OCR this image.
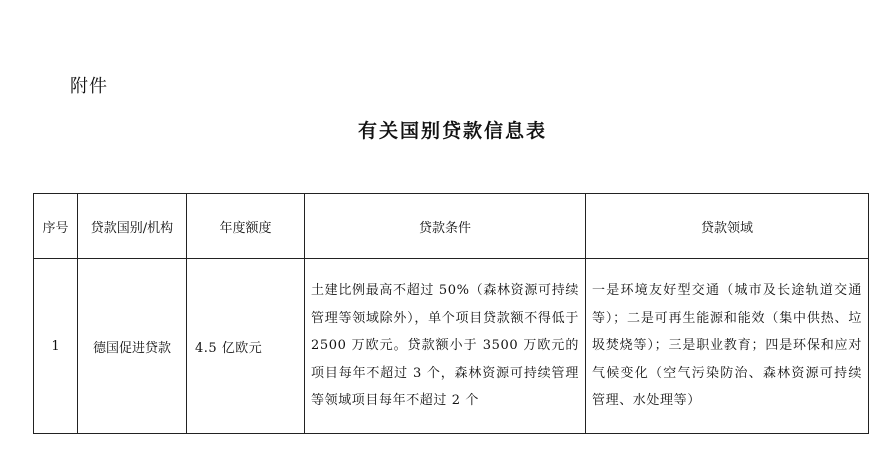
附件
有关国别贷款信息表
序号	贷款国别/机构	年度额度	贷款条件	贷款领域
1	德国促进贷款	4.5 亿欧元	土建比例最高不超过 50%（森林资源可持续管理等领域除外），单个项目贷款额不得低于 2500 万欧元。贷款额小于 3500 万欧元的项目每年不超过 3 个，森林资源可持续管理等领域项目每年不超过 2 个	一是环境友好型交通（城市及长途轨道交通等）；二是可再生能源和能效（集中供热、垃圾焚烧等）；三是职业教育；四是环保和应对气候变化（空气污染防治、森林资源可持续管理、水处理等）
